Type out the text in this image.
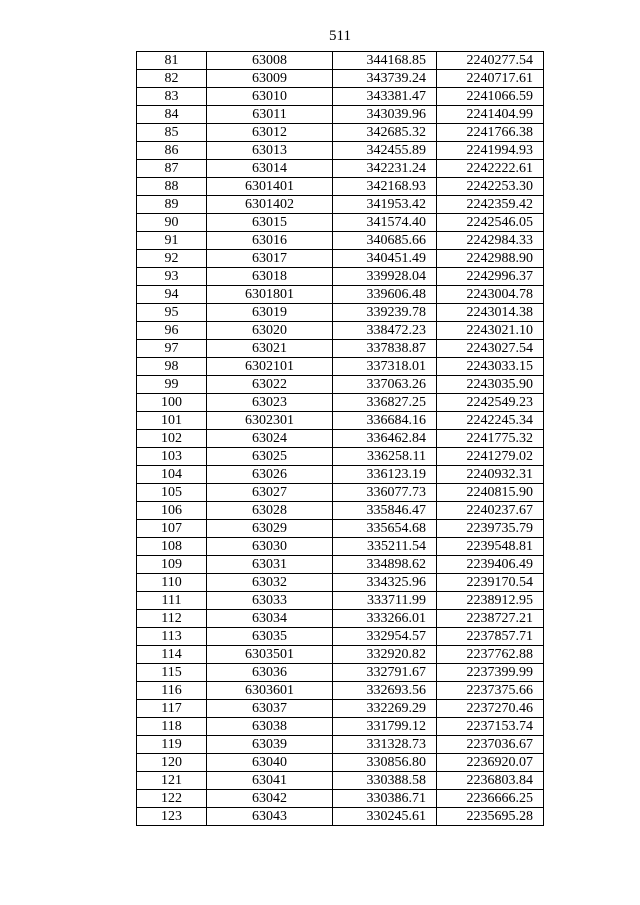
511
81	63008	344168.85	2240277.54
82	63009	343739.24	2240717.61
83	63010	343381.47	2241066.59
84	63011	343039.96	2241404.99
85	63012	342685.32	2241766.38
86	63013	342455.89	2241994.93
87	63014	342231.24	2242222.61
88	6301401	342168.93	2242253.30
89	6301402	341953.42	2242359.42
90	63015	341574.40	2242546.05
91	63016	340685.66	2242984.33
92	63017	340451.49	2242988.90
93	63018	339928.04	2242996.37
94	6301801	339606.48	2243004.78
95	63019	339239.78	2243014.38
96	63020	338472.23	2243021.10
97	63021	337838.87	2243027.54
98	6302101	337318.01	2243033.15
99	63022	337063.26	2243035.90
100	63023	336827.25	2242549.23
101	6302301	336684.16	2242245.34
102	63024	336462.84	2241775.32
103	63025	336258.11	2241279.02
104	63026	336123.19	2240932.31
105	63027	336077.73	2240815.90
106	63028	335846.47	2240237.67
107	63029	335654.68	2239735.79
108	63030	335211.54	2239548.81
109	63031	334898.62	2239406.49
110	63032	334325.96	2239170.54
111	63033	333711.99	2238912.95
112	63034	333266.01	2238727.21
113	63035	332954.57	2237857.71
114	6303501	332920.82	2237762.88
115	63036	332791.67	2237399.99
116	6303601	332693.56	2237375.66
117	63037	332269.29	2237270.46
118	63038	331799.12	2237153.74
119	63039	331328.73	2237036.67
120	63040	330856.80	2236920.07
121	63041	330388.58	2236803.84
122	63042	330386.71	2236666.25
123	63043	330245.61	2235695.28
